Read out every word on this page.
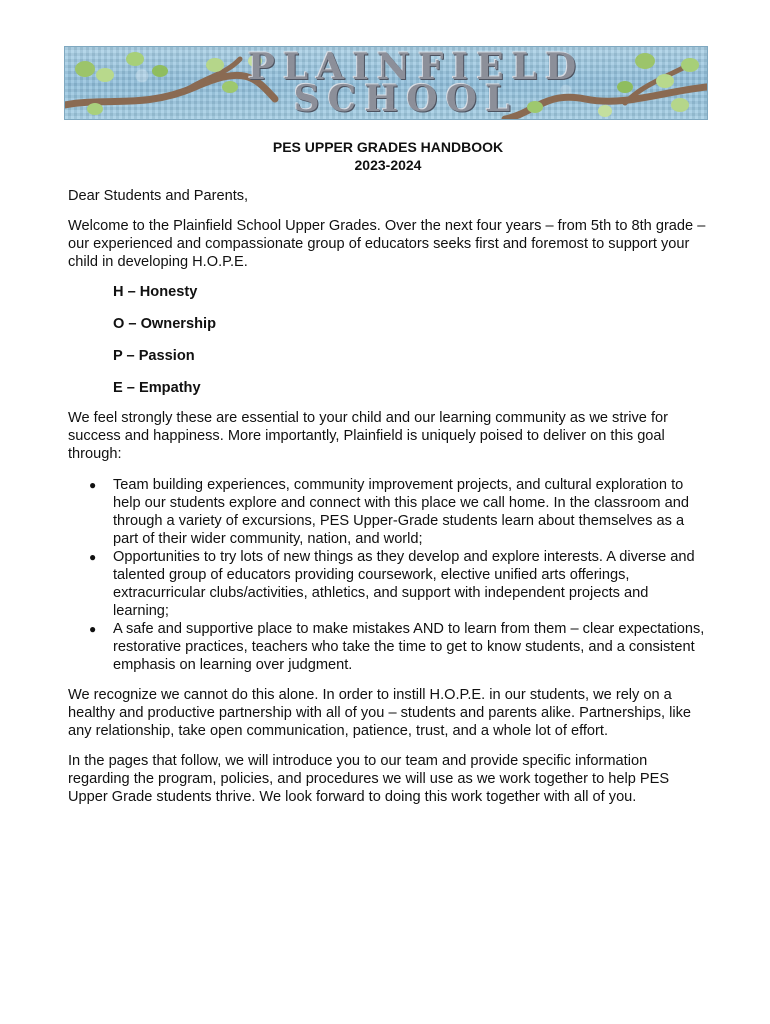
PLAINFIELD
SCHOOL

PES UPPER GRADES HANDBOOK

2023-2024

Dear Students and Parents,

Welcome to the Plainfield School Upper Grades. Over the next four years – from 5th to 8th grade – our experienced and compassionate group of educators seeks first and foremost to support your child in developing H.O.P.E.

H – Honesty
O – Ownership
P – Passion
E – Empathy

We feel strongly these are essential to your child and our learning community as we strive for success and happiness. More importantly, Plainfield is uniquely poised to deliver on this goal through:

● Team building experiences, community improvement projects, and cultural exploration to help our students explore and connect with this place we call home. In the classroom and through a variety of excursions, PES Upper-Grade students learn about themselves as a part of their wider community, nation, and world;
● Opportunities to try lots of new things as they develop and explore interests. A diverse and talented group of educators providing coursework, elective unified arts offerings, extracurricular clubs/activities, athletics, and support with independent projects and learning;
● A safe and supportive place to make mistakes AND to learn from them – clear expectations, restorative practices, teachers who take the time to get to know students, and a consistent emphasis on learning over judgment.

We recognize we cannot do this alone. In order to instill H.O.P.E. in our students, we rely on a healthy and productive partnership with all of you – students and parents alike. Partnerships, like any relationship, take open communication, patience, trust, and a whole lot of effort.

In the pages that follow, we will introduce you to our team and provide specific information regarding the program, policies, and procedures we will use as we work together to help PES Upper Grade students thrive. We look forward to doing this work together with all of you.
